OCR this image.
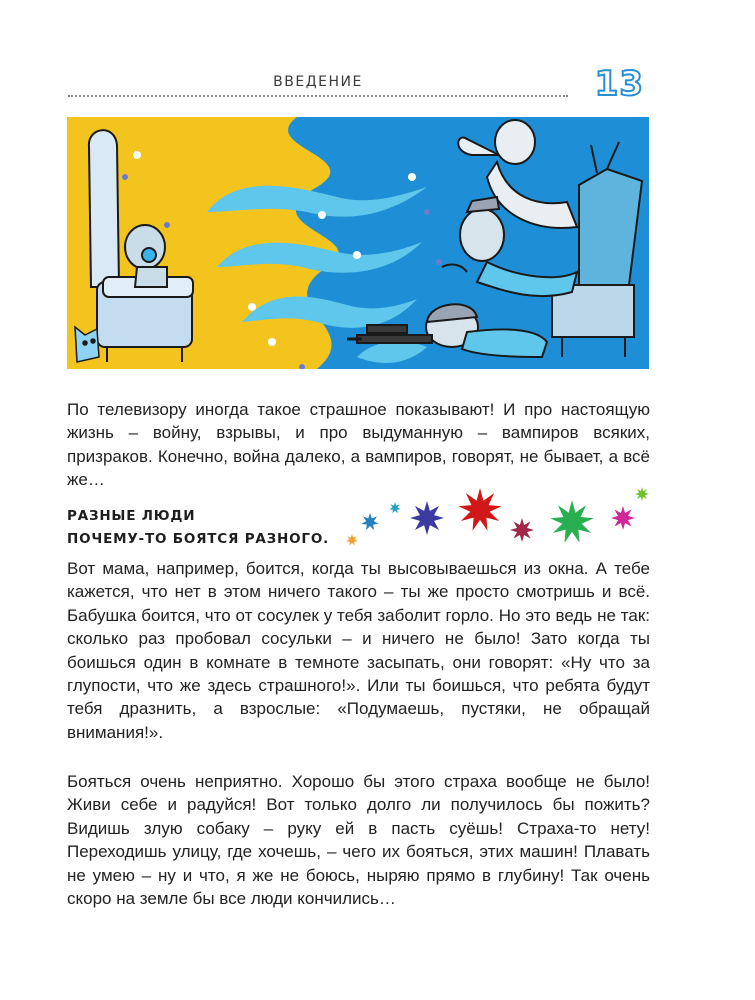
ВВЕДЕНИЕ	13

По телевизору иногда такое страшное показывают! И про настоящую жизнь – войну, взрывы, и про выдуманную – вампиров всяких, призраков. Конечно, война далеко, а вампиров, говорят, не бывает, а всё же…

РАЗНЫЕ ЛЮДИ
ПОЧЕМУ-ТО БОЯТСЯ РАЗНОГО.

Вот мама, например, боится, когда ты высовываешься из окна. А тебе кажется, что нет в этом ничего такого – ты же просто смотришь и всё. Бабушка боится, что от сосулек у тебя заболит горло. Но это ведь не так: сколько раз пробовал сосульки – и ничего не было! Зато когда ты боишься один в комнате в темноте засыпать, они говорят: «Ну что за глупости, что же здесь страшного!». Или ты боишься, что ребята будут тебя дразнить, а взрослые: «Подумаешь, пустяки, не обращай внимания!».

Бояться очень неприятно. Хорошо бы этого страха вообще не было! Живи себе и радуйся! Вот только долго ли получилось бы пожить? Видишь злую собаку – руку ей в пасть суёшь! Страха-то нету! Переходишь улицу, где хочешь, – чего их бояться, этих машин! Плавать не умею – ну и что, я же не боюсь, ныряю прямо в глубину! Так очень скоро на земле бы все люди кончились…
